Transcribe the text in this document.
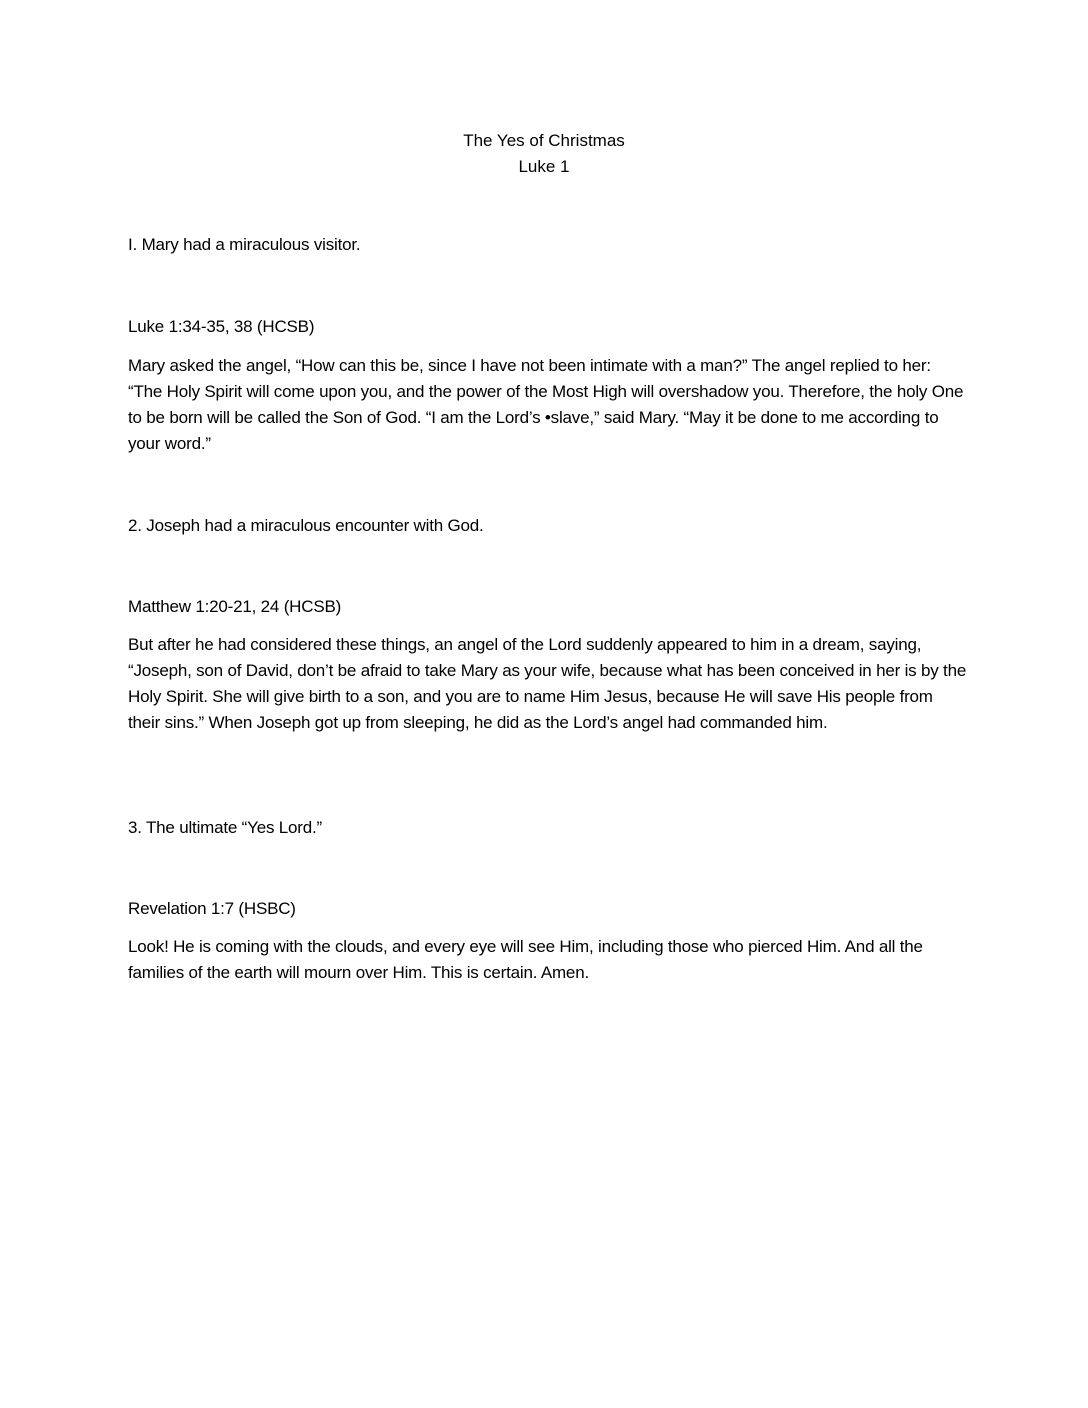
The Yes of Christmas
Luke 1
I. Mary had a miraculous visitor.
Luke 1:34-35, 38 (HCSB)

Mary asked the angel, “How can this be, since I have not been intimate with a man?” The angel replied to her: “The Holy Spirit will come upon you, and the power of the Most High will overshadow you. Therefore, the holy One to be born will be called the Son of God. “I am the Lord’s •slave,” said Mary. “May it be done to me according to your word.”

2. Joseph had a miraculous encounter with God.
Matthew 1:20-21, 24 (HCSB)

But after he had considered these things, an angel of the Lord suddenly appeared to him in a dream, saying, “Joseph, son of David, don’t be afraid to take Mary as your wife, because what has been conceived in her is by the Holy Spirit. She will give birth to a son, and you are to name Him Jesus, because He will save His people from their sins.” When Joseph got up from sleeping, he did as the Lord’s angel had commanded him.

3. The ultimate “Yes Lord.”
Revelation 1:7 (HSBC)

Look! He is coming with the clouds, and every eye will see Him, including those who pierced Him. And all the families of the earth will mourn over Him. This is certain. Amen.
